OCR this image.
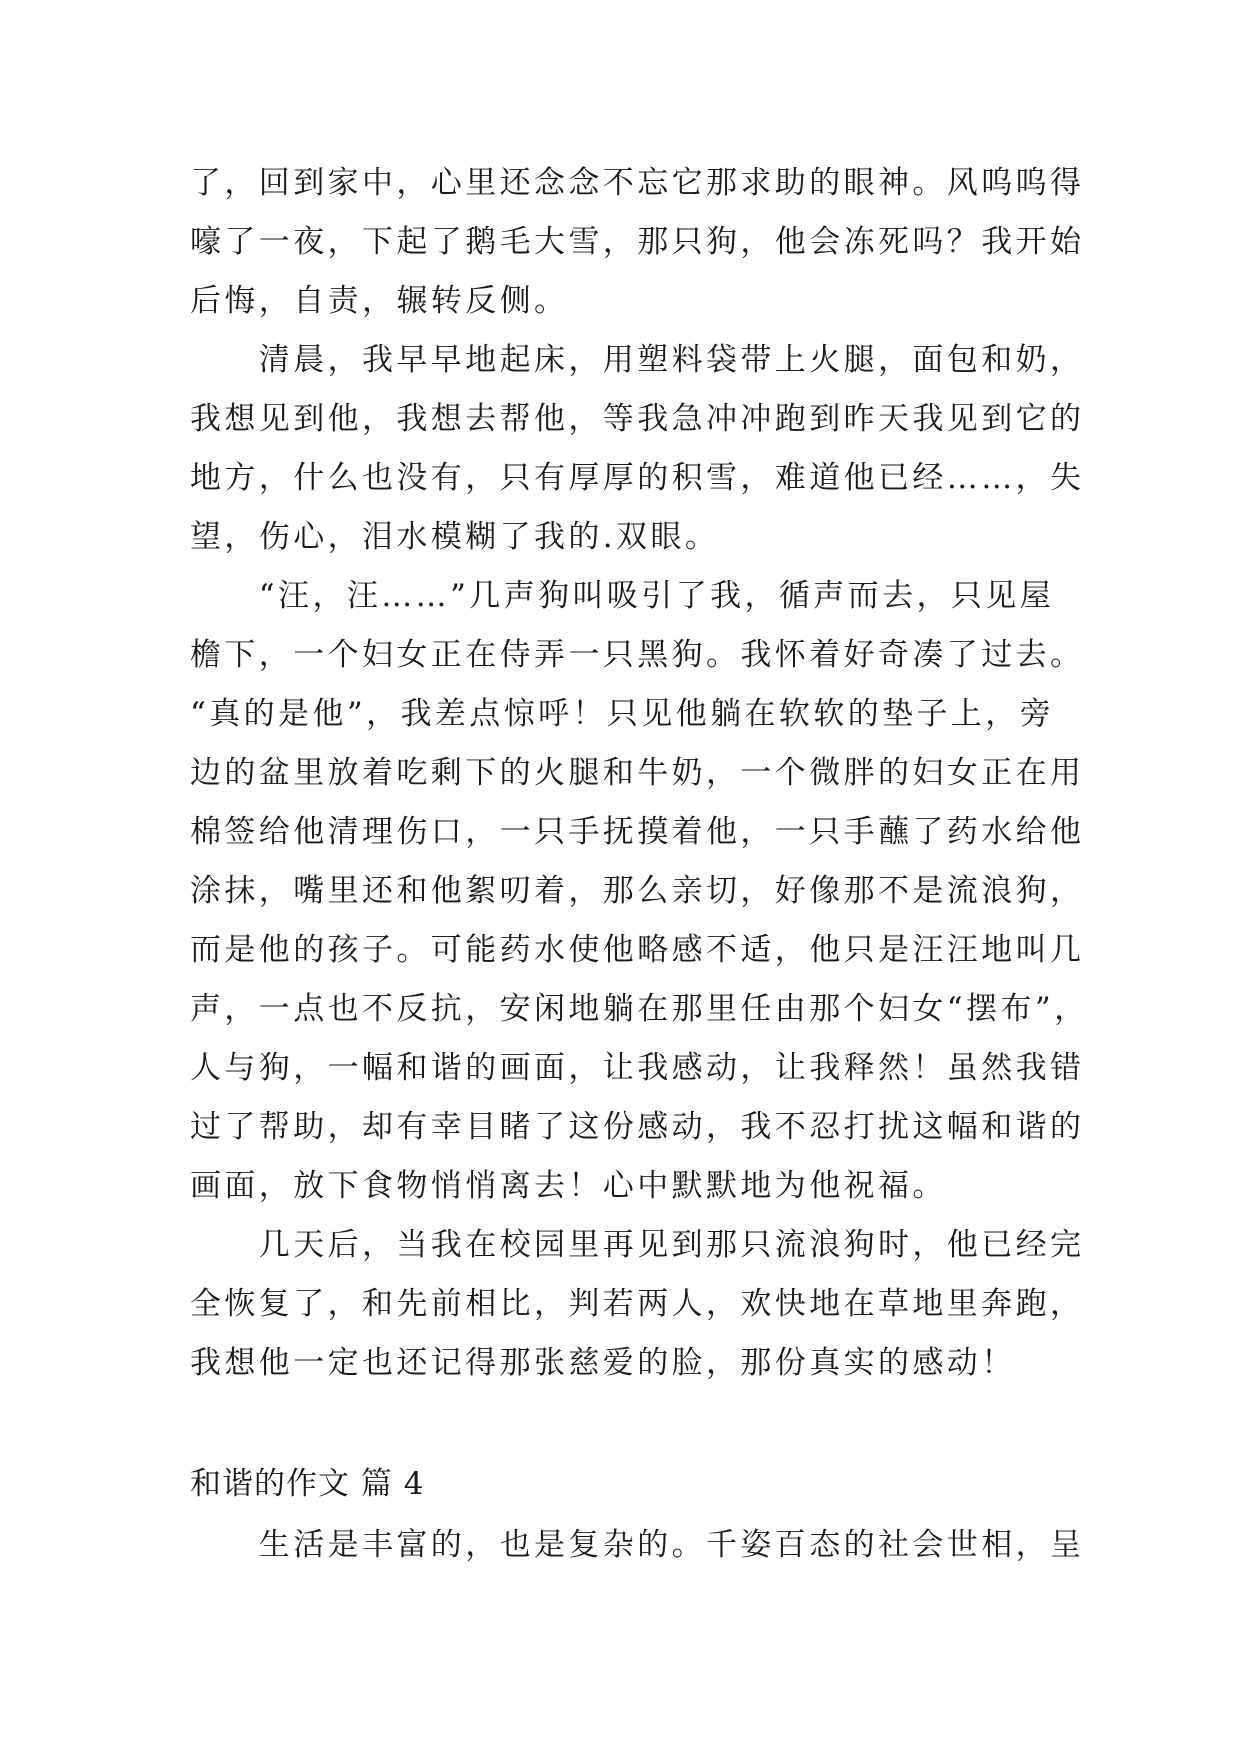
了，回到家中，心里还念念不忘它那求助的眼神。风呜呜得
嚎了一夜，下起了鹅毛大雪，那只狗，他会冻死吗？我开始
后悔，自责，辗转反侧。
　　清晨，我早早地起床，用塑料袋带上火腿，面包和奶，
我想见到他，我想去帮他，等我急冲冲跑到昨天我见到它的
地方，什么也没有，只有厚厚的积雪，难道他已经……，失
望，伤心，泪水模糊了我的.双眼。
　　“汪，汪……”几声狗叫吸引了我，循声而去，只见屋
檐下，一个妇女正在侍弄一只黑狗。我怀着好奇凑了过去。
“真的是他”，我差点惊呼！只见他躺在软软的垫子上，旁
边的盆里放着吃剩下的火腿和牛奶，一个微胖的妇女正在用
棉签给他清理伤口，一只手抚摸着他，一只手蘸了药水给他
涂抹，嘴里还和他絮叨着，那么亲切，好像那不是流浪狗，
而是他的孩子。可能药水使他略感不适，他只是汪汪地叫几
声，一点也不反抗，安闲地躺在那里任由那个妇女“摆布”，
人与狗，一幅和谐的画面，让我感动，让我释然！虽然我错
过了帮助，却有幸目睹了这份感动，我不忍打扰这幅和谐的
画面，放下食物悄悄离去！心中默默地为他祝福。
　　几天后，当我在校园里再见到那只流浪狗时，他已经完
全恢复了，和先前相比，判若两人，欢快地在草地里奔跑，
我想他一定也还记得那张慈爱的脸，那份真实的感动！
和谐的作文 篇 4
　　生活是丰富的，也是复杂的。千姿百态的社会世相，呈
